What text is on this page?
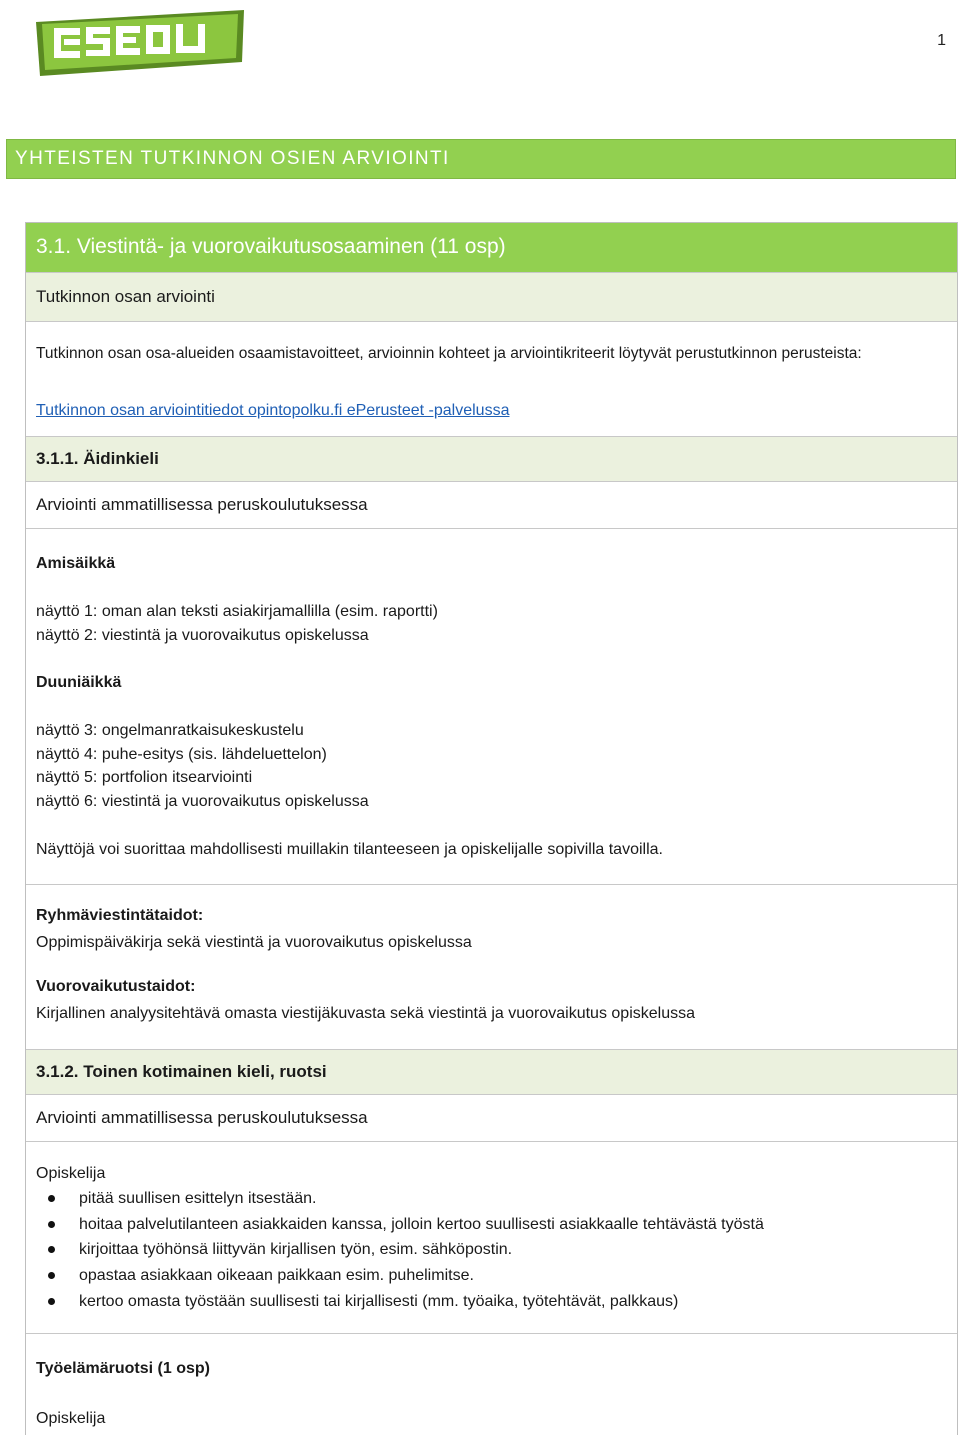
esedu
1
YHTEISTEN TUTKINNON OSIEN ARVIOINTI
3.1. Viestintä- ja vuorovaikutusosaaminen (11 osp)
Tutkinnon osan arviointi
Tutkinnon osan osa-alueiden osaamistavoitteet, arvioinnin kohteet ja arviointikriteerit löytyvät perustutkinnon perusteista:
Tutkinnon osan arviointitiedot opintopolku.fi ePerusteet -palvelussa
3.1.1. Äidinkieli
Arviointi ammatillisessa peruskoulutuksessa
Amisäikkä
näyttö 1: oman alan teksti asiakirjamallilla (esim. raportti)
näyttö 2: viestintä ja vuorovaikutus opiskelussa
Duuniäikkä
näyttö 3: ongelmanratkaisukeskustelu
näyttö 4: puhe-esitys (sis. lähdeluettelon)
näyttö 5: portfolion itsearviointi
näyttö 6: viestintä ja vuorovaikutus opiskelussa
Näyttöjä voi suorittaa mahdollisesti muillakin tilanteeseen ja opiskelijalle sopivilla tavoilla.
Ryhmäviestintätaidot:
Oppimispäiväkirja sekä viestintä ja vuorovaikutus opiskelussa
Vuorovaikutustaidot:
Kirjallinen analyysitehtävä omasta viestijäkuvasta sekä viestintä ja vuorovaikutus opiskelussa
3.1.2. Toinen kotimainen kieli, ruotsi
Arviointi ammatillisessa peruskoulutuksessa
Opiskelija
Työelämäruotsi (1 osp)
Opiskelija
pitää suullisen esittelyn itsestään.
hoitaa palvelutilanteen asiakkaiden kanssa, jolloin kertoo suullisesti asiakkaalle tehtävästä työstä
kirjoittaa työhönsä liittyvän kirjallisen työn, esim. sähköpostin.
opastaa asiakkaan oikeaan paikkaan esim. puhelimitse.
kertoo omasta työstään suullisesti tai kirjallisesti (mm. työaika, työtehtävät, palkkaus)
